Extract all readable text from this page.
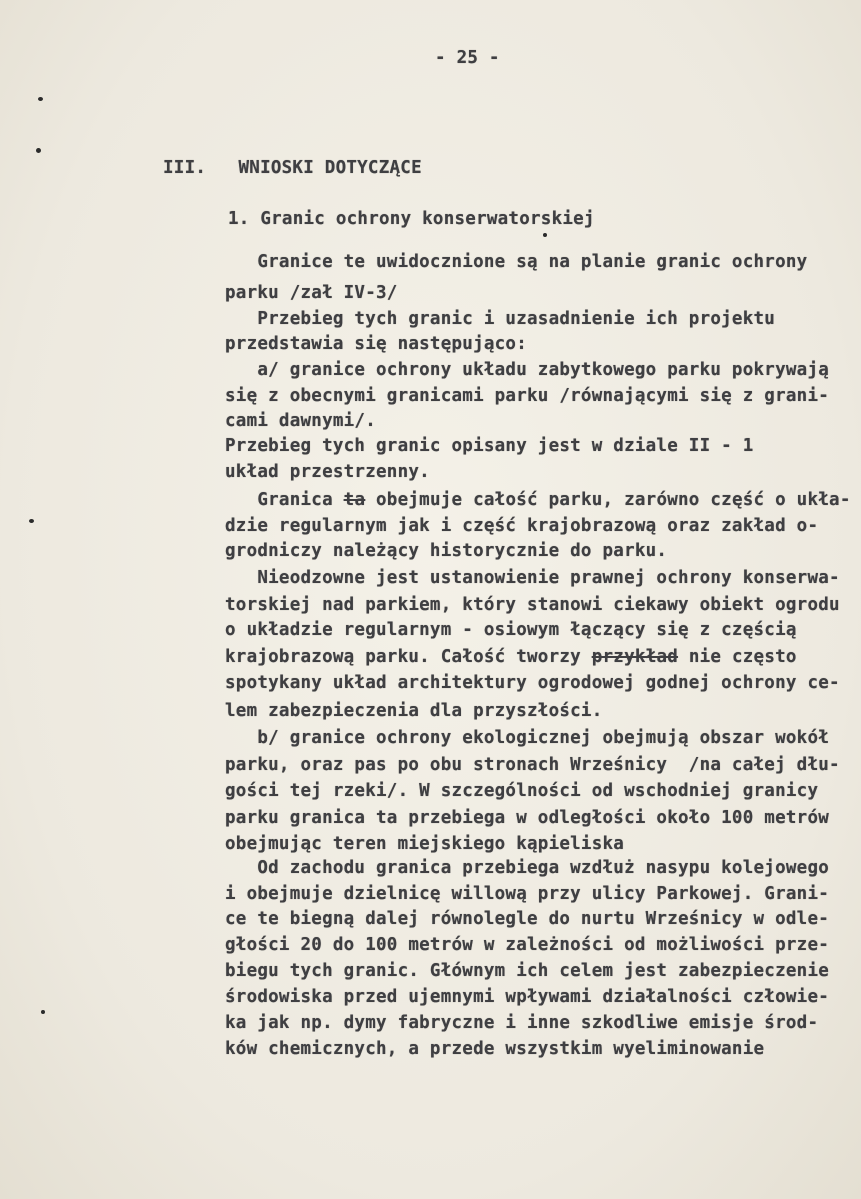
- 25 -
III.   WNIOSKI DOTYCZĄCE
1. Granic ochrony konserwatorskiej
Granice te uwidocznione są na planie granic ochrony
parku /zał IV-3/
Przebieg tych granic i uzasadnienie ich projektu
przedstawia się następująco:
a/ granice ochrony układu zabytkowego parku pokrywają
się z obecnymi granicami parku /równającymi się z grani-
cami dawnymi/.
Przebieg tych granic opisany jest w dziale II - 1
układ przestrzenny.
Granica ta obejmuje całość parku, zarówno część o ukła-
dzie regularnym jak i część krajobrazową oraz zakład o-
grodniczy należący historycznie do parku.
Nieodzowne jest ustanowienie prawnej ochrony konserwa-
torskiej nad parkiem, który stanowi ciekawy obiekt ogrodu
o układzie regularnym - osiowym łączący się z częścią
krajobrazową parku. Całość tworzy przykład nie często
spotykany układ architektury ogrodowej godnej ochrony ce-
lem zabezpieczenia dla przyszłości.
b/ granice ochrony ekologicznej obejmują obszar wokół
parku, oraz pas po obu stronach Wrześnicy  /na całej dłu-
gości tej rzeki/. W szczególności od wschodniej granicy
parku granica ta przebiega w odległości około 100 metrów
obejmując teren miejskiego kąpieliska
Od zachodu granica przebiega wzdłuż nasypu kolejowego
i obejmuje dzielnicę willową przy ulicy Parkowej. Grani-
ce te biegną dalej równolegle do nurtu Wrześnicy w odle-
głości 20 do 100 metrów w zależności od możliwości prze-
biegu tych granic. Głównym ich celem jest zabezpieczenie
środowiska przed ujemnymi wpływami działalności człowie-
ka jak np. dymy fabryczne i inne szkodliwe emisje środ-
ków chemicznych, a przede wszystkim wyeliminowanie
